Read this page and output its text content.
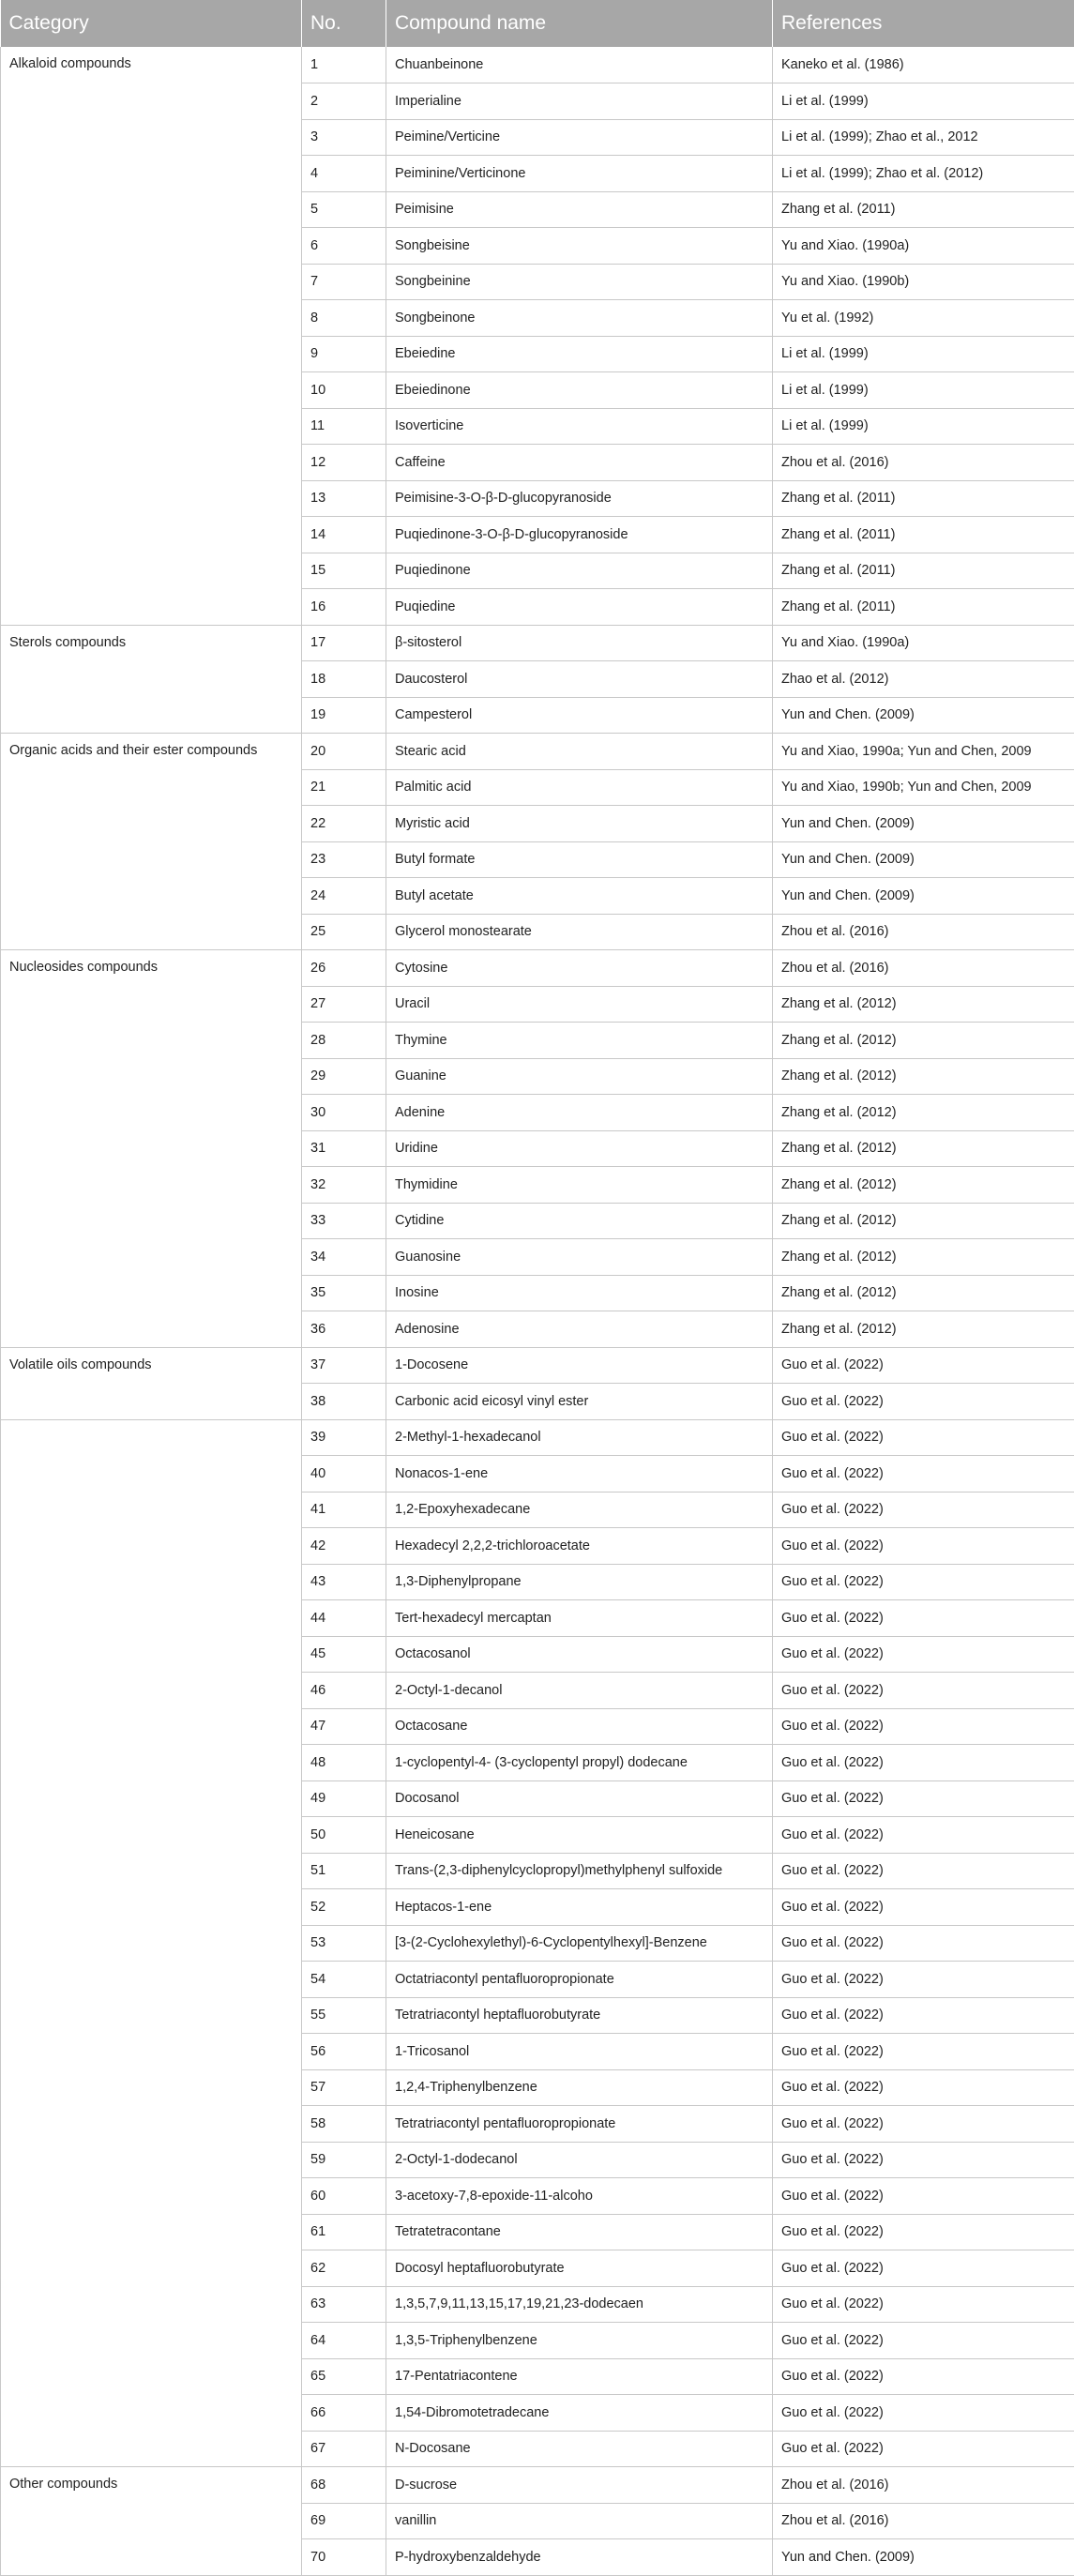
Category	No.	Compound name	References
Alkaloid compounds	1	Chuanbeinone	Kaneko et al. (1986)
	2	Imperialine	Li et al. (1999)
	3	Peimine/Verticine	Li et al. (1999); Zhao et al., 2012
	4	Peiminine/Verticinone	Li et al. (1999); Zhao et al. (2012)
	5	Peimisine	Zhang et al. (2011)
	6	Songbeisine	Yu and Xiao. (1990a)
	7	Songbeinine	Yu and Xiao. (1990b)
	8	Songbeinone	Yu et al. (1992)
	9	Ebeiedine	Li et al. (1999)
	10	Ebeiedinone	Li et al. (1999)
	11	Isoverticine	Li et al. (1999)
	12	Caffeine	Zhou et al. (2016)
	13	Peimisine-3-O-β-D-glucopyranoside	Zhang et al. (2011)
	14	Puqiedinone-3-O-β-D-glucopyranoside	Zhang et al. (2011)
	15	Puqiedinone	Zhang et al. (2011)
	16	Puqiedine	Zhang et al. (2011)
Sterols compounds	17	β-sitosterol	Yu and Xiao. (1990a)
	18	Daucosterol	Zhao et al. (2012)
	19	Campesterol	Yun and Chen. (2009)
Organic acids and their ester compounds	20	Stearic acid	Yu and Xiao, 1990a; Yun and Chen, 2009
	21	Palmitic acid	Yu and Xiao, 1990b; Yun and Chen, 2009
	22	Myristic acid	Yun and Chen. (2009)
	23	Butyl formate	Yun and Chen. (2009)
	24	Butyl acetate	Yun and Chen. (2009)
	25	Glycerol monostearate	Zhou et al. (2016)
Nucleosides compounds	26	Cytosine	Zhou et al. (2016)
	27	Uracil	Zhang et al. (2012)
	28	Thymine	Zhang et al. (2012)
	29	Guanine	Zhang et al. (2012)
	30	Adenine	Zhang et al. (2012)
	31	Uridine	Zhang et al. (2012)
	32	Thymidine	Zhang et al. (2012)
	33	Cytidine	Zhang et al. (2012)
	34	Guanosine	Zhang et al. (2012)
	35	Inosine	Zhang et al. (2012)
	36	Adenosine	Zhang et al. (2012)
Volatile oils compounds	37	1-Docosene	Guo et al. (2022)
	38	Carbonic acid eicosyl vinyl ester	Guo et al. (2022)
	39	2-Methyl-1-hexadecanol	Guo et al. (2022)
	40	Nonacos-1-ene	Guo et al. (2022)
	41	1,2-Epoxyhexadecane	Guo et al. (2022)
	42	Hexadecyl 2,2,2-trichloroacetate	Guo et al. (2022)
	43	1,3-Diphenylpropane	Guo et al. (2022)
	44	Tert-hexadecyl mercaptan	Guo et al. (2022)
	45	Octacosanol	Guo et al. (2022)
	46	2-Octyl-1-decanol	Guo et al. (2022)
	47	Octacosane	Guo et al. (2022)
	48	1-cyclopentyl-4- (3-cyclopentyl propyl) dodecane	Guo et al. (2022)
	49	Docosanol	Guo et al. (2022)
	50	Heneicosane	Guo et al. (2022)
	51	Trans-(2,3-diphenylcyclopropyl)methylphenyl sulfoxide	Guo et al. (2022)
	52	Heptacos-1-ene	Guo et al. (2022)
	53	[3-(2-Cyclohexylethyl)-6-Cyclopentylhexyl]-Benzene	Guo et al. (2022)
	54	Octatriacontyl pentafluoropropionate	Guo et al. (2022)
	55	Tetratriacontyl heptafluorobutyrate	Guo et al. (2022)
	56	1-Tricosanol	Guo et al. (2022)
	57	1,2,4-Triphenylbenzene	Guo et al. (2022)
	58	Tetratriacontyl pentafluoropropionate	Guo et al. (2022)
	59	2-Octyl-1-dodecanol	Guo et al. (2022)
	60	3-acetoxy-7,8-epoxide-11-alcoho	Guo et al. (2022)
	61	Tetratetracontane	Guo et al. (2022)
	62	Docosyl heptafluorobutyrate	Guo et al. (2022)
	63	1,3,5,7,9,11,13,15,17,19,21,23-dodecaen	Guo et al. (2022)
	64	1,3,5-Triphenylbenzene	Guo et al. (2022)
	65	17-Pentatriacontene	Guo et al. (2022)
	66	1,54-Dibromotetradecane	Guo et al. (2022)
	67	N-Docosane	Guo et al. (2022)
Other compounds	68	D-sucrose	Zhou et al. (2016)
	69	vanillin	Zhou et al. (2016)
	70	P-hydroxybenzaldehyde	Yun and Chen. (2009)
